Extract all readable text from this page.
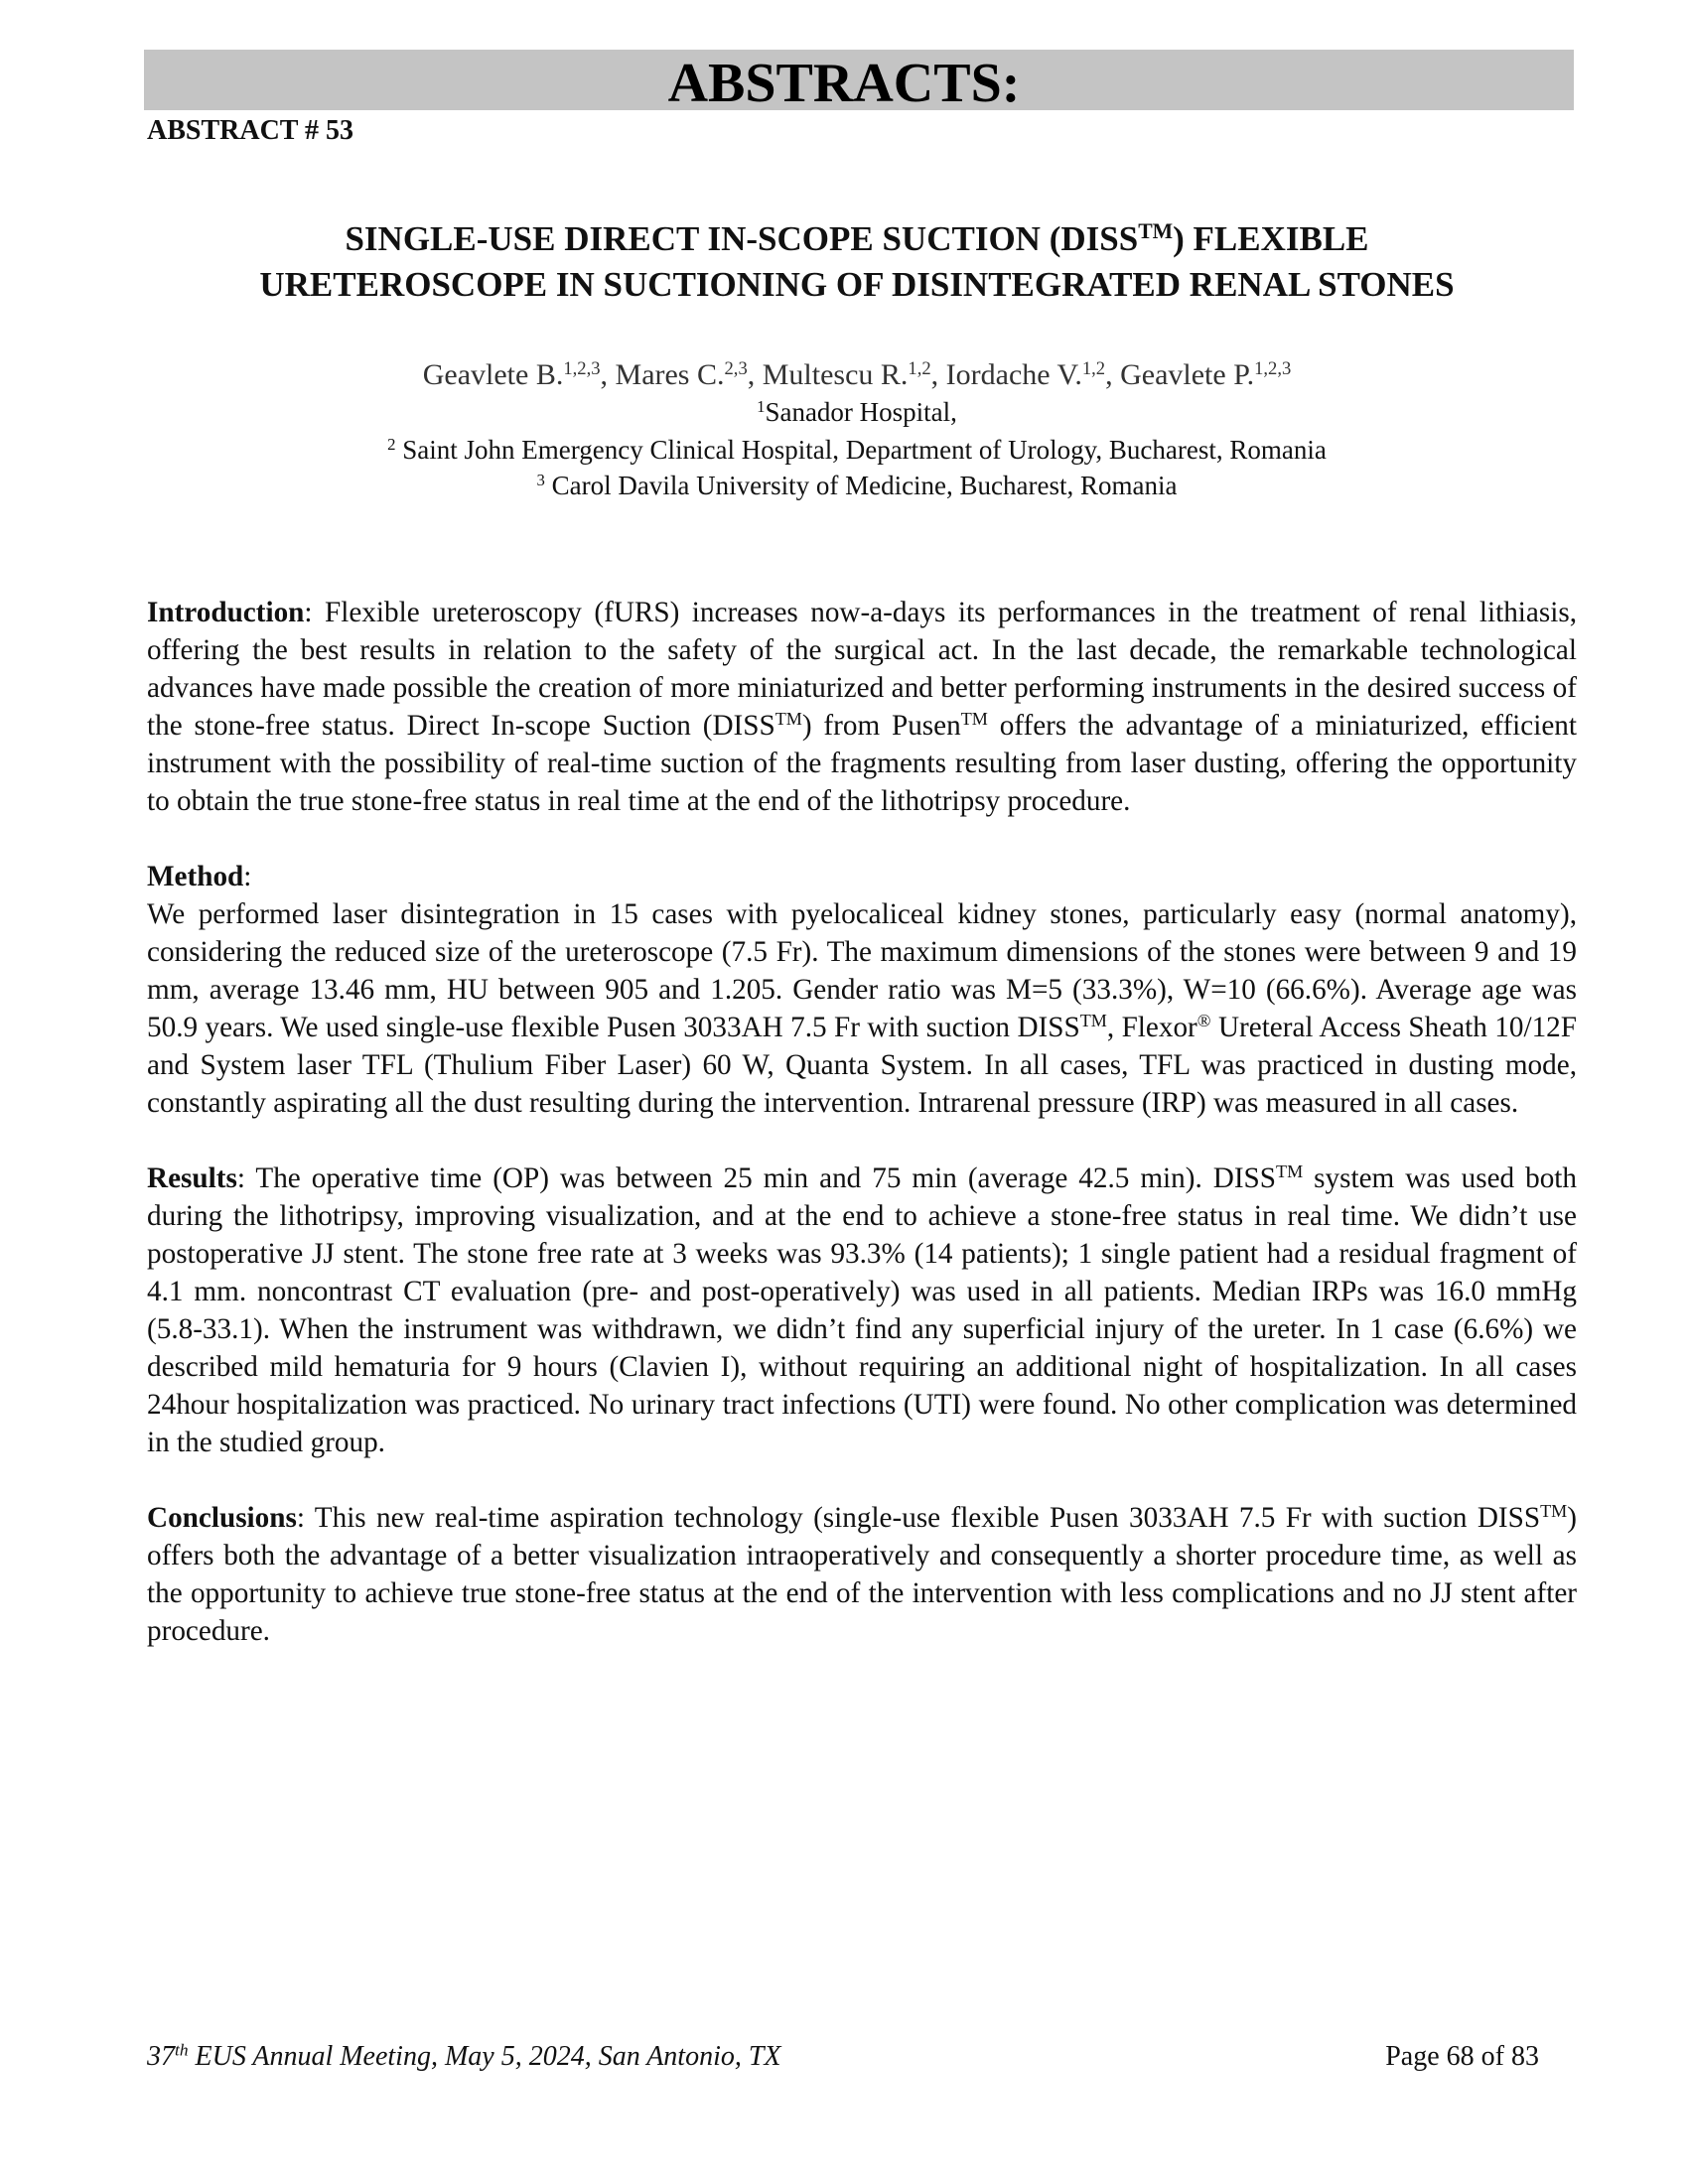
ABSTRACTS:
ABSTRACT # 53
SINGLE-USE DIRECT IN-SCOPE SUCTION (DISS™) FLEXIBLE
URETEROSCOPE IN SUCTIONING OF DISINTEGRATED RENAL STONES
Geavlete B.$^{1,2,3}$, Mares C.$^{2,3}$, Multescu R.$^{1,2}$, Iordache V.$^{1,2}$, Geavlete P.$^{1,2,3}$
$^1$Sanador Hospital,
$^2$ Saint John Emergency Clinical Hospital, Department of Urology, Bucharest, Romania
$^3$ Carol Davila University of Medicine, Bucharest, Romania

Introduction: Flexible ureteroscopy (fURS) increases now-a-days its performances in the treatment of renal lithiasis, offering the best results in relation to the safety of the surgical act. In the last decade, the remarkable technological advances have made possible the creation of more miniaturized and better performing instruments in the desired success of the stone-free status. Direct In-scope Suction (DISS™) from Pusen™ offers the advantage of a miniaturized, efficient instrument with the possibility of real-time suction of the fragments resulting from laser dusting, offering the opportunity to obtain the true stone-free status in real time at the end of the lithotripsy procedure.

Method:
We performed laser disintegration in 15 cases with pyelocaliceal kidney stones, particularly easy (normal anatomy), considering the reduced size of the ureteroscope (7.5 Fr). The maximum dimensions of the stones were between 9 and 19 mm, average 13.46 mm, HU between 905 and 1.205. Gender ratio was M=5 (33.3%), W=10 (66.6%). Average age was 50.9 years. We used single-use flexible Pusen 3033AH 7.5 Fr with suction DISS™, Flexor® Ureteral Access Sheath 10/12F and System laser TFL (Thulium Fiber Laser) 60 W, Quanta System. In all cases, TFL was practiced in dusting mode, constantly aspirating all the dust resulting during the intervention. Intrarenal pressure (IRP) was measured in all cases.

Results: The operative time (OP) was between 25 min and 75 min (average 42.5 min). DISS™ system was used both during the lithotripsy, improving visualization, and at the end to achieve a stone-free status in real time. We didn’t use postoperative JJ stent. The stone free rate at 3 weeks was 93.3% (14 patients); 1 single patient had a residual fragment of 4.1 mm. noncontrast CT evaluation (pre- and post-operatively) was used in all patients. Median IRPs was 16.0 mmHg (5.8-33.1). When the instrument was withdrawn, we didn’t find any superficial injury of the ureter. In 1 case (6.6%) we described mild hematuria for 9 hours (Clavien I), without requiring an additional night of hospitalization. In all cases 24hour hospitalization was practiced. No urinary tract infections (UTI) were found. No other complication was determined in the studied group.

Conclusions: This new real-time aspiration technology (single-use flexible Pusen 3033AH 7.5 Fr with suction DISS™) offers both the advantage of a better visualization intraoperatively and consequently a shorter procedure time, as well as the opportunity to achieve true stone-free status at the end of the intervention with less complications and no JJ stent after procedure.

37th EUS Annual Meeting, May 5, 2024, San Antonio, TX	Page 68 of 83
